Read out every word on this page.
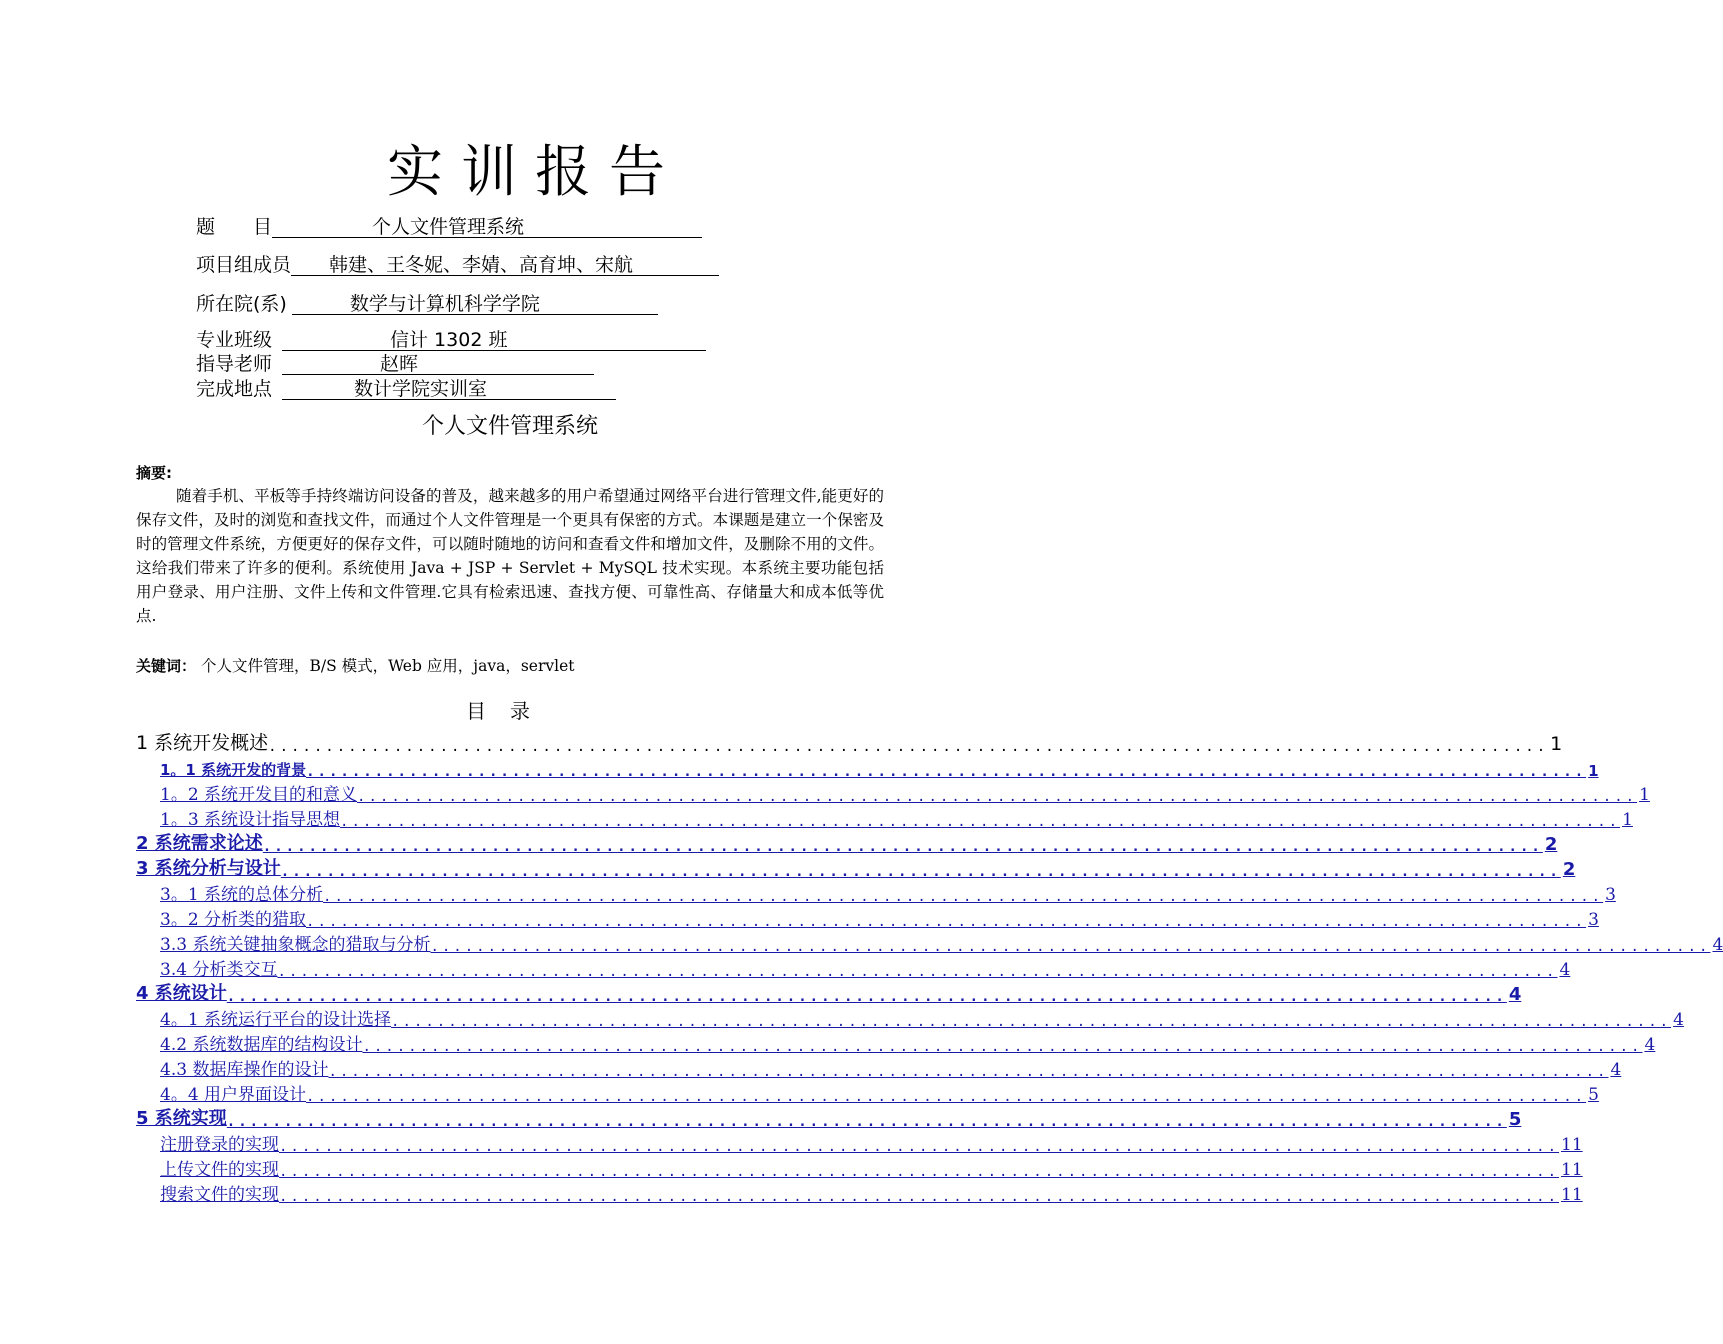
实训报告
题　　目	个人文件管理系统
项目组成员 韩建、王冬妮、李婧、高育坤、宋航
所在院(系)	数学与计算机科学学院
专业班级	信计 1302 班
指导老师	赵晖
完成地点	数计学院实训室
个人文件管理系统
摘要:
随着手机、平板等手持终端访问设备的普及，越来越多的用户希望通过网络平台进行管理文件,能更好的保存文件，及时的浏览和查找文件，而通过个人文件管理是一个更具有保密的方式。本课题是建立一个保密及时的管理文件系统，方便更好的保存文件，可以随时随地的访问和查看文件和增加文件，及删除不用的文件。这给我们带来了许多的便利。系统使用 Java + JSP + Servlet + MySQL 技术实现。本系统主要功能包括用户登录、用户注册、文件上传和文件管理.它具有检索迅速、查找方便、可靠性高、存储量大和成本低等优点.
关键词： 个人文件管理，B/S 模式，Web 应用，java，servlet
目录
1 系统开发概述 ................................................................................................................ 1
1。1 系统开发的背景 ................................................................................................................ 1
1。2 系统开发目的和意义 ................................................................................................................ 1
1。3 系统设计指导思想 ................................................................................................................ 1
2 系统需求论述 ................................................................................................................ 2
3 系统分析与设计 ................................................................................................................ 2
3。1 系统的总体分析 ................................................................................................................ 3
3。2 分析类的猎取 ................................................................................................................ 3
3.3 系统关键抽象概念的猎取与分析 ................................................................................................................ 4
3.4 分析类交互 ................................................................................................................ 4
4 系统设计 ................................................................................................................ 4
4。1 系统运行平台的设计选择 ................................................................................................................ 4
4.2 系统数据库的结构设计 ................................................................................................................ 4
4.3 数据库操作的设计 ................................................................................................................ 4
4。4 用户界面设计 ................................................................................................................ 5
5 系统实现 ................................................................................................................ 5
注册登录的实现 ................................................................................................................ 11
上传文件的实现 ................................................................................................................ 11
搜索文件的实现 ................................................................................................................ 11
